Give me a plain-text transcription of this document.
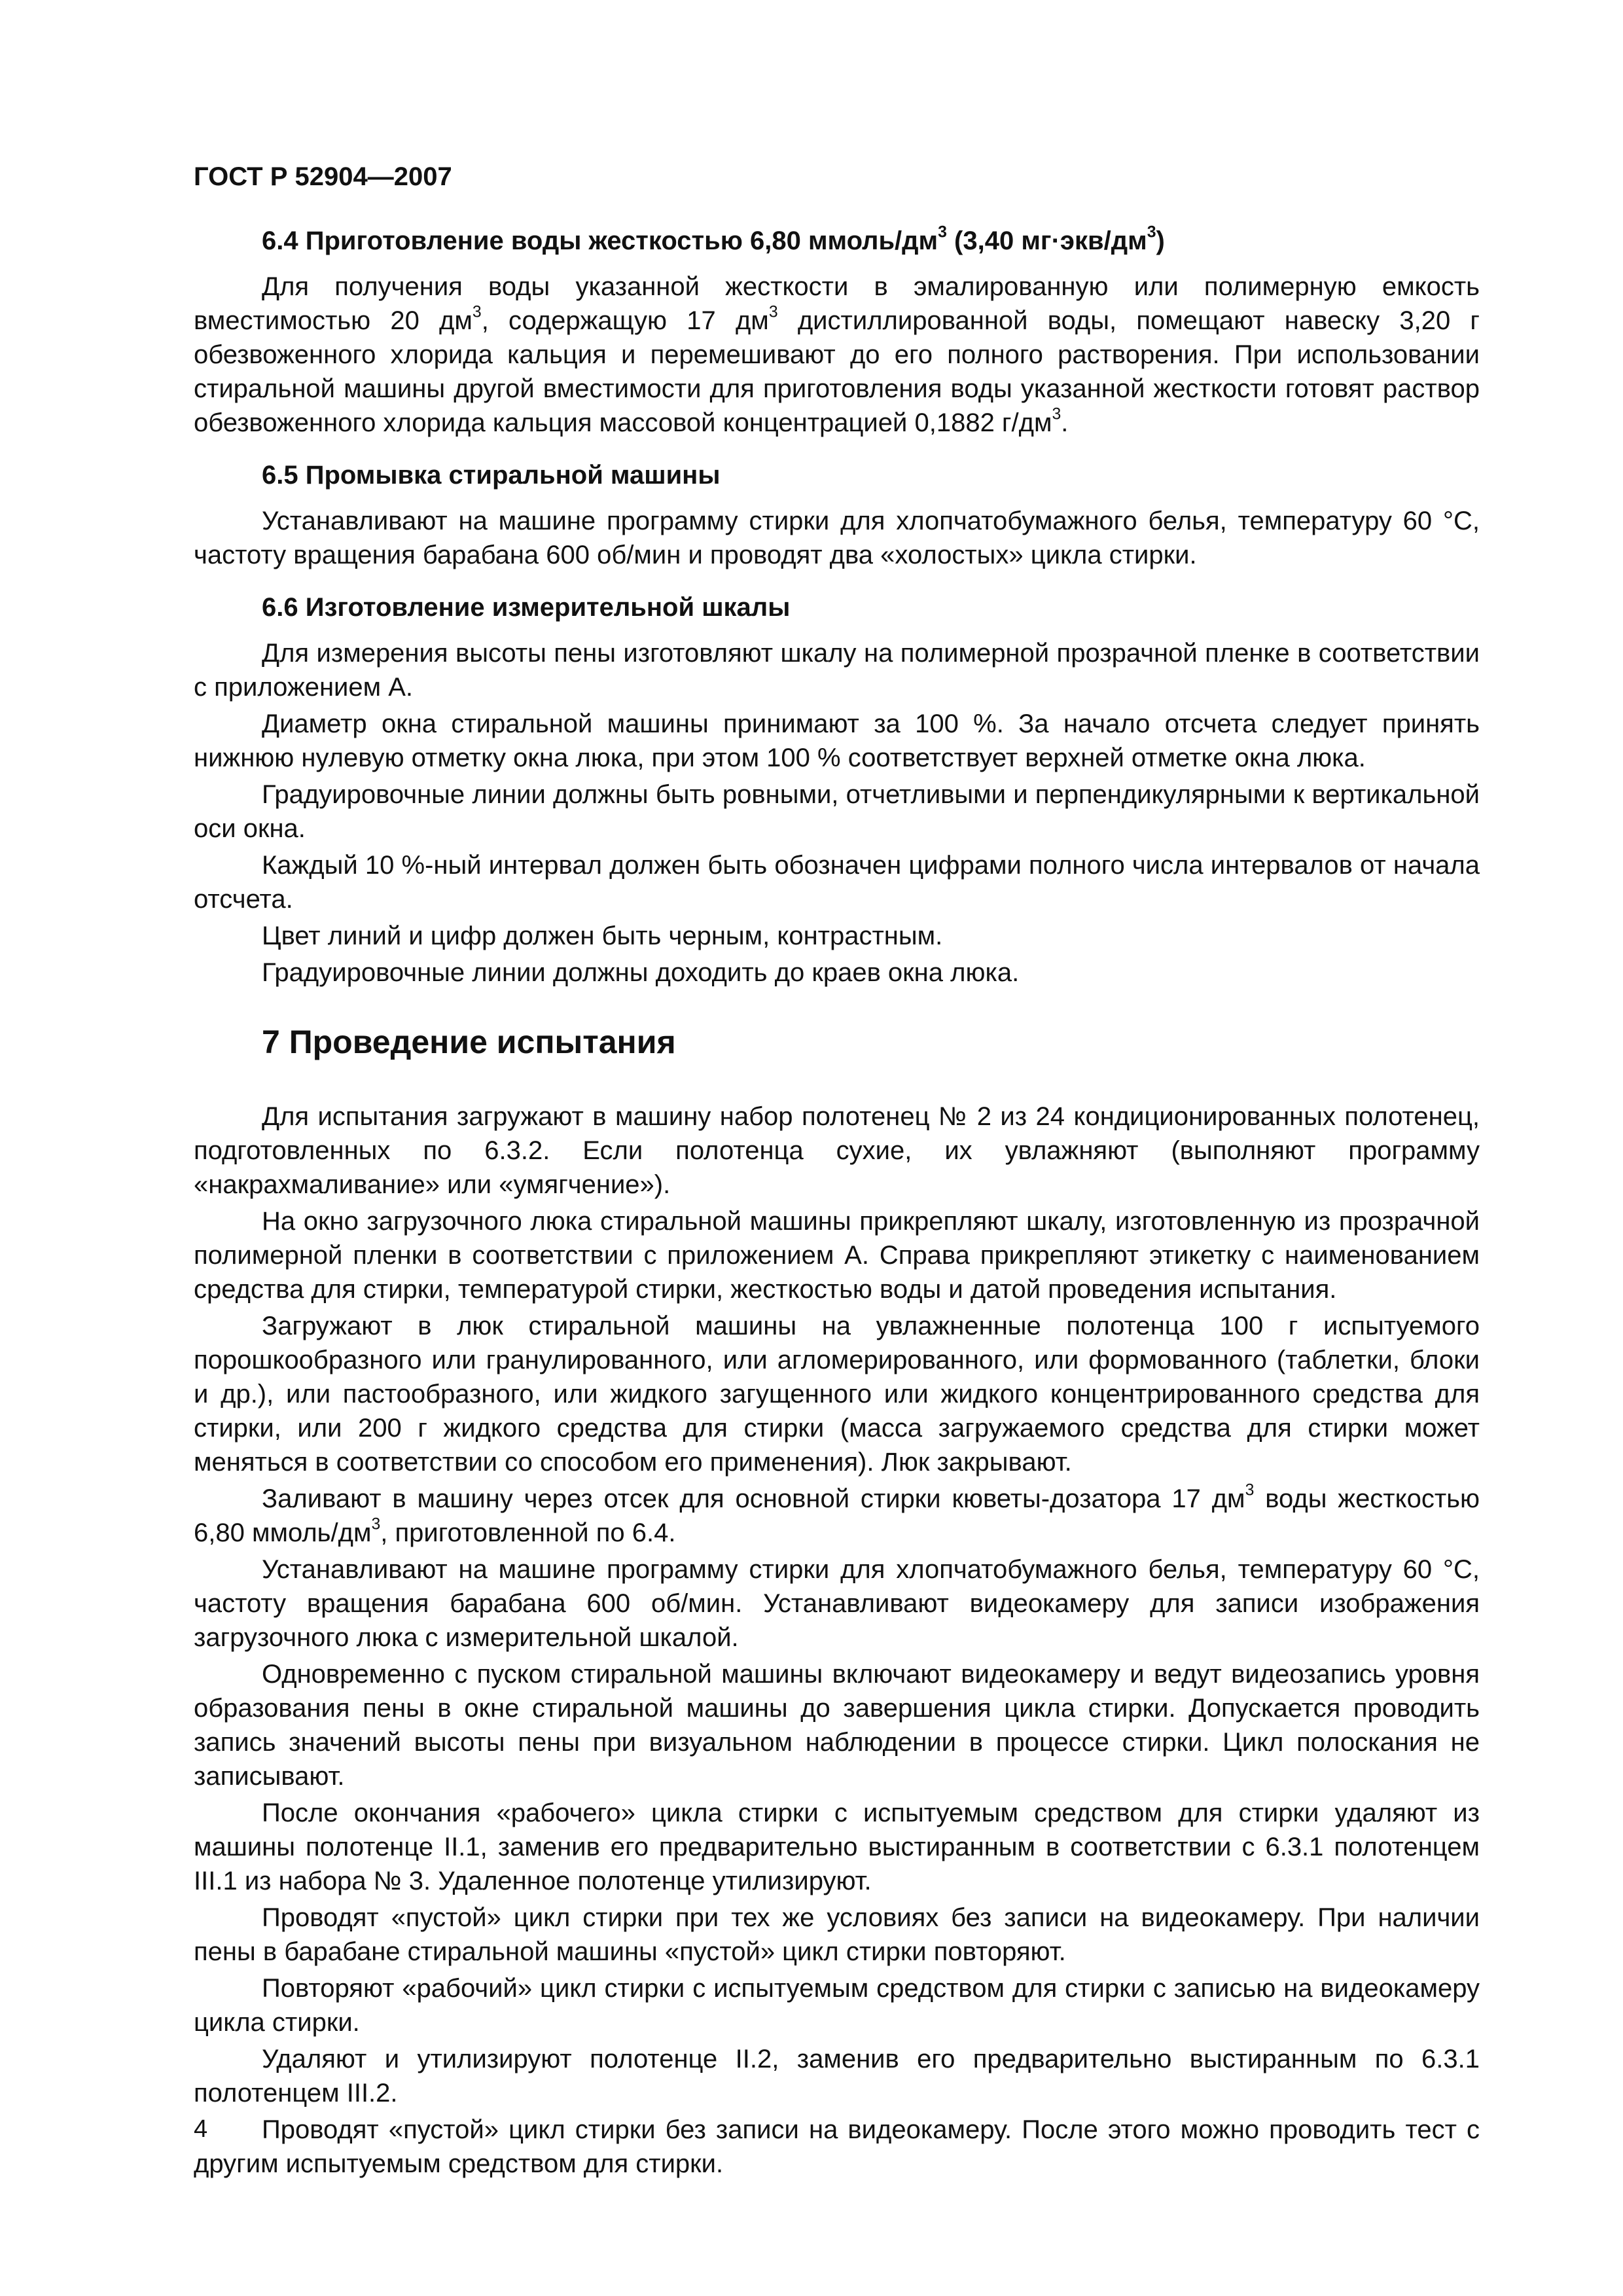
ГОСТ Р 52904—2007
6.4 Приготовление воды жесткостью 6,80 ммоль/$дм^3$ (3,40 $мг\cdot экв/дм^3$)

Для получения воды указанной жесткости в эмалированную или полимерную емкость вместимостью 20 $дм^3$, содержащую 17 $дм^3$ дистиллированной воды, помещают навеску 3,20 г обезвоженного хлорида кальция и перемешивают до его полного растворения. При использовании стиральной машины другой вместимости для приготовления воды указанной жесткости готовят раствор обезвоженного хлорида кальция массовой концентрацией 0,1882 $г/дм^3$.

6.5 Промывка стиральной машины

Устанавливают на машине программу стирки для хлопчатобумажного белья, температуру 60 °С, частоту вращения барабана 600 об/мин и проводят два «холостых» цикла стирки.

6.6 Изготовление измерительной шкалы

Для измерения высоты пены изготовляют шкалу на полимерной прозрачной пленке в соответствии с приложением А.

Диаметр окна стиральной машины принимают за 100 %. За начало отсчета следует принять нижнюю нулевую отметку окна люка, при этом 100 % соответствует верхней отметке окна люка.

Градуировочные линии должны быть ровными, отчетливыми и перпендикулярными к вертикальной оси окна.

Каждый 10 %-ный интервал должен быть обозначен цифрами полного числа интервалов от начала отсчета.

Цвет линий и цифр должен быть черным, контрастным.

Градуировочные линии должны доходить до краев окна люка.

7 Проведение испытания

Для испытания загружают в машину набор полотенец № 2 из 24 кондиционированных полотенец, подготовленных по 6.3.2. Если полотенца сухие, их увлажняют (выполняют программу «накрахмаливание» или «умягчение»).

На окно загрузочного люка стиральной машины прикрепляют шкалу, изготовленную из прозрачной полимерной пленки в соответствии с приложением А. Справа прикрепляют этикетку с наименованием средства для стирки, температурой стирки, жесткостью воды и датой проведения испытания.

Загружают в люк стиральной машины на увлажненные полотенца 100 г испытуемого порошкообразного или гранулированного, или агломерированного, или формованного (таблетки, блоки и др.), или пастообразного, или жидкого загущенного или жидкого концентрированного средства для стирки, или 200 г жидкого средства для стирки (масса загружаемого средства для стирки может меняться в соответствии со способом его применения). Люк закрывают.

Заливают в машину через отсек для основной стирки кюветы-дозатора 17 $дм^3$ воды жесткостью 6,80 ммоль/$дм^3$, приготовленной по 6.4.

Устанавливают на машине программу стирки для хлопчатобумажного белья, температуру 60 °С, частоту вращения барабана 600 об/мин. Устанавливают видеокамеру для записи изображения загрузочного люка с измерительной шкалой.

Одновременно с пуском стиральной машины включают видеокамеру и ведут видеозапись уровня образования пены в окне стиральной машины до завершения цикла стирки. Допускается проводить запись значений высоты пены при визуальном наблюдении в процессе стирки. Цикл полоскания не записывают.

После окончания «рабочего» цикла стирки с испытуемым средством для стирки удаляют из машины полотенце II.1, заменив его предварительно выстиранным в соответствии с 6.3.1 полотенцем III.1 из набора № 3. Удаленное полотенце утилизируют.

Проводят «пустой» цикл стирки при тех же условиях без записи на видеокамеру. При наличии пены в барабане стиральной машины «пустой» цикл стирки повторяют.

Повторяют «рабочий» цикл стирки с испытуемым средством для стирки с записью на видеокамеру цикла стирки.

Удаляют и утилизируют полотенце II.2, заменив его предварительно выстиранным по 6.3.1 полотенцем III.2.

Проводят «пустой» цикл стирки без записи на видеокамеру. После этого можно проводить тест с другим испытуемым средством для стирки.

4
